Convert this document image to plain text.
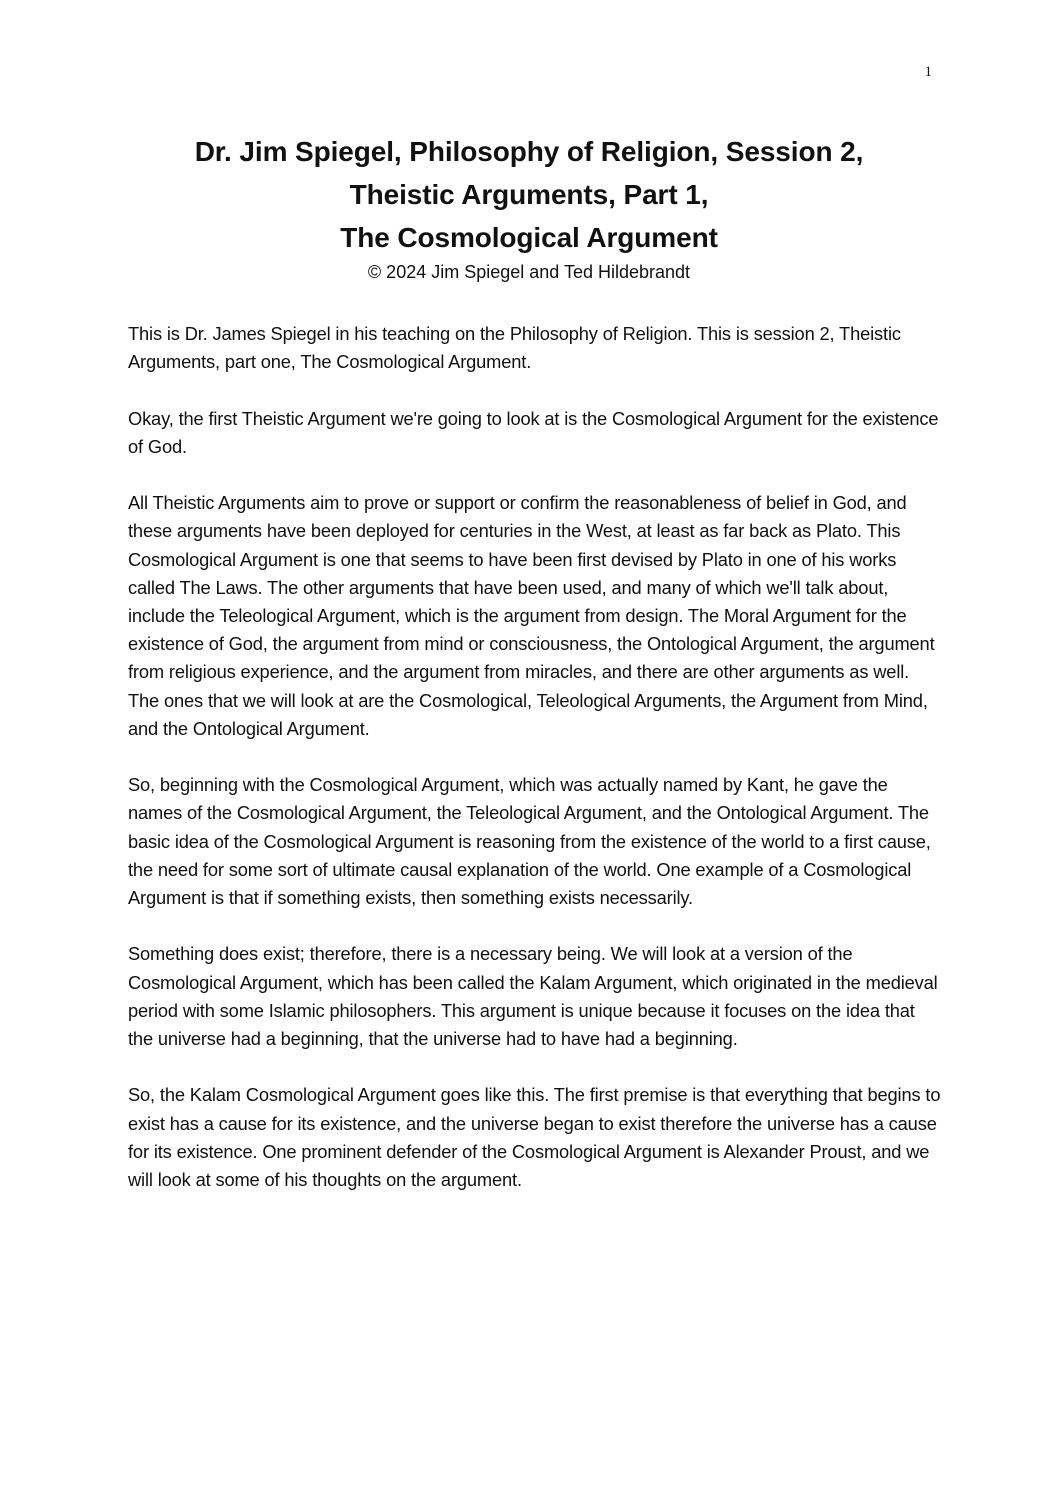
1
Dr. Jim Spiegel, Philosophy of Religion, Session 2,
Theistic Arguments, Part 1,
The Cosmological Argument
© 2024 Jim Spiegel and Ted Hildebrandt

This is Dr. James Spiegel in his teaching on the Philosophy of Religion. This is session 2, Theistic Arguments, part one, The Cosmological Argument.

Okay, the first Theistic Argument we're going to look at is the Cosmological Argument for the existence of God.

All Theistic Arguments aim to prove or support or confirm the reasonableness of belief in God, and these arguments have been deployed for centuries in the West, at least as far back as Plato. This Cosmological Argument is one that seems to have been first devised by Plato in one of his works called The Laws. The other arguments that have been used, and many of which we'll talk about, include the Teleological Argument, which is the argument from design. The Moral Argument for the existence of God, the argument from mind or consciousness, the Ontological Argument, the argument from religious experience, and the argument from miracles, and there are other arguments as well. The ones that we will look at are the Cosmological, Teleological Arguments, the Argument from Mind, and the Ontological Argument.

So, beginning with the Cosmological Argument, which was actually named by Kant, he gave the names of the Cosmological Argument, the Teleological Argument, and the Ontological Argument. The basic idea of the Cosmological Argument is reasoning from the existence of the world to a first cause, the need for some sort of ultimate causal explanation of the world. One example of a Cosmological Argument is that if something exists, then something exists necessarily.

Something does exist; therefore, there is a necessary being. We will look at a version of the Cosmological Argument, which has been called the Kalam Argument, which originated in the medieval period with some Islamic philosophers. This argument is unique because it focuses on the idea that the universe had a beginning, that the universe had to have had a beginning.

So, the Kalam Cosmological Argument goes like this. The first premise is that everything that begins to exist has a cause for its existence, and the universe began to exist therefore the universe has a cause for its existence. One prominent defender of the Cosmological Argument is Alexander Proust, and we will look at some of his thoughts on the argument.
